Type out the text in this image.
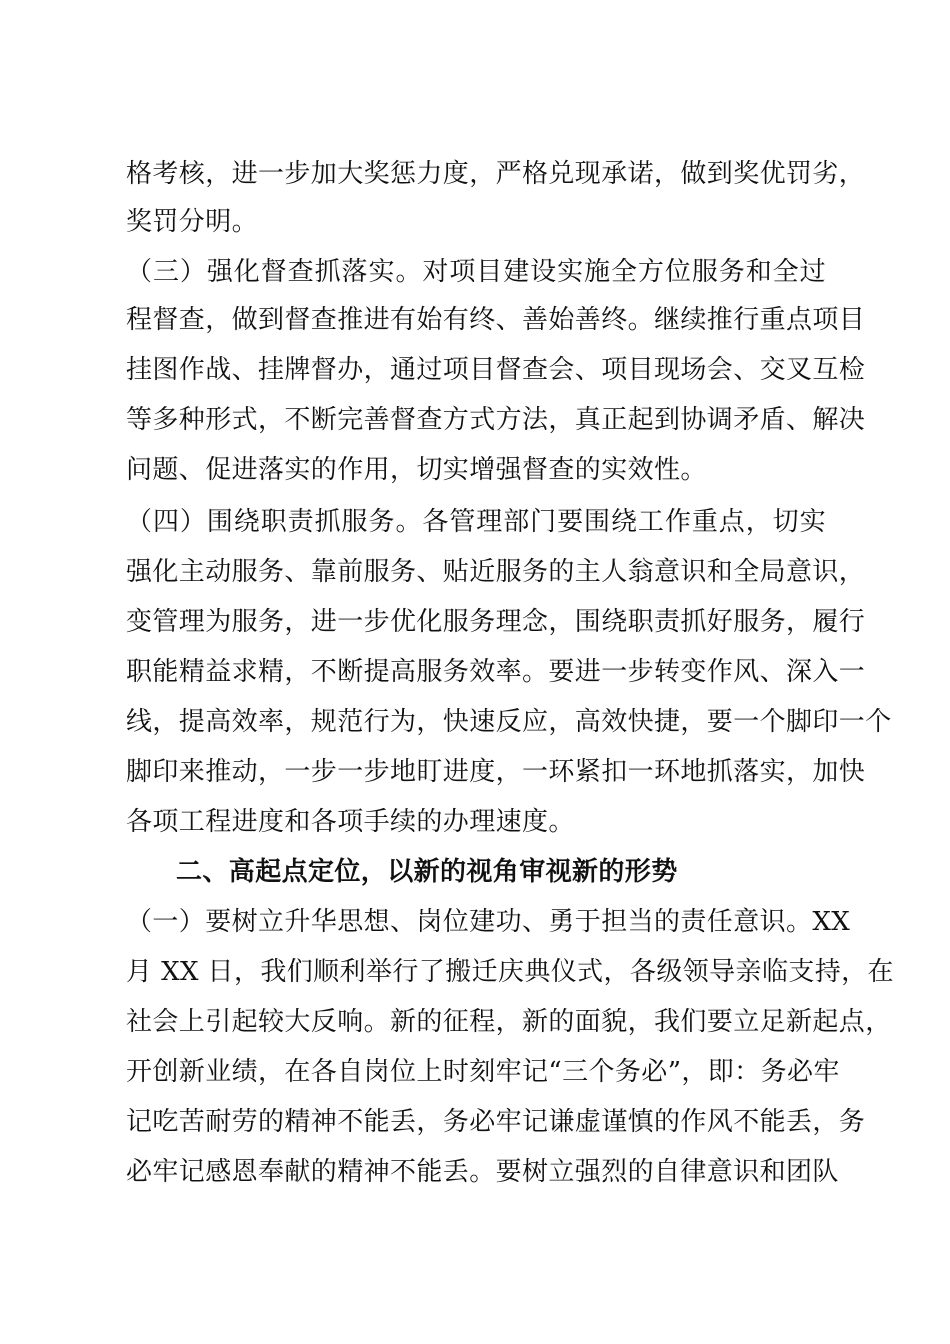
格考核，进一步加大奖惩力度，严格兑现承诺，做到奖优罚劣，
奖罚分明。
（三）强化督查抓落实。对项目建设实施全方位服务和全过
程督查，做到督查推进有始有终、善始善终。继续推行重点项目
挂图作战、挂牌督办，通过项目督查会、项目现场会、交叉互检
等多种形式，不断完善督查方式方法，真正起到协调矛盾、解决
问题、促进落实的作用，切实增强督查的实效性。
（四）围绕职责抓服务。各管理部门要围绕工作重点，切实
强化主动服务、靠前服务、贴近服务的主人翁意识和全局意识，
变管理为服务，进一步优化服务理念，围绕职责抓好服务，履行
职能精益求精，不断提高服务效率。要进一步转变作风、深入一
线，提高效率，规范行为，快速反应，高效快捷，要一个脚印一个
脚印来推动，一步一步地盯进度，一环紧扣一环地抓落实，加快
各项工程进度和各项手续的办理速度。
二、高起点定位，以新的视角审视新的形势
（一）要树立升华思想、岗位建功、勇于担当的责任意识。XX
月 XX 日，我们顺利举行了搬迁庆典仪式，各级领导亲临支持，在
社会上引起较大反响。新的征程，新的面貌，我们要立足新起点，
开创新业绩，在各自岗位上时刻牢记“三个务必”，即：务必牢
记吃苦耐劳的精神不能丢，务必牢记谦虚谨慎的作风不能丢，务
必牢记感恩奉献的精神不能丢。要树立强烈的自律意识和团队
